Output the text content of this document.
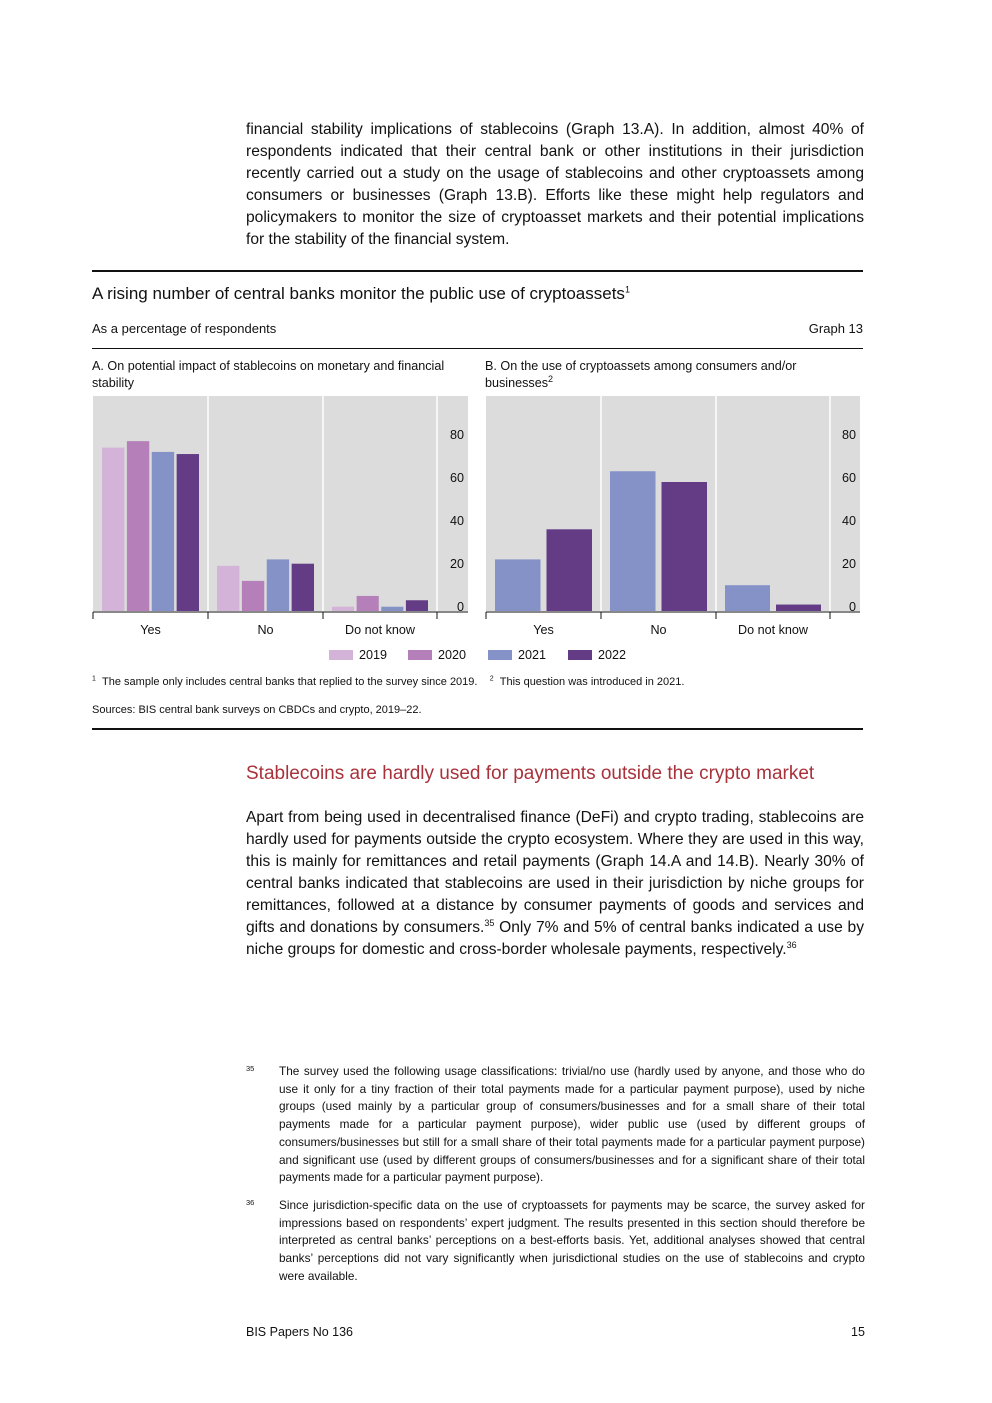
financial stability implications of stablecoins (Graph 13.A). In addition, almost 40% of respondents indicated that their central bank or other institutions in their jurisdiction recently carried out a study on the usage of stablecoins and other cryptoassets among consumers or businesses (Graph 13.B). Efforts like these might help regulators and policymakers to monitor the size of cryptoasset markets and their potential implications for the stability of the financial system.

A rising number of central banks monitor the public use of cryptoassets$^1$
As a percentage of respondents	Graph 13
A. On potential impact of stablecoins on monetary and financial stability
B. On the use of cryptoassets among consumers and/or businesses$^2$
80
60
40
20
0
Yes	No	Do not know
80
60
40
20
0
Yes	No	Do not know
2019	2020	2021	2022
$^1$ The sample only includes central banks that replied to the survey since 2019. $^2$ This question was introduced in 2021.
Sources: BIS central bank surveys on CBDCs and crypto, 2019–22.
Stablecoins are hardly used for payments outside the crypto market

Apart from being used in decentralised finance (DeFi) and crypto trading, stablecoins are hardly used for payments outside the crypto ecosystem. Where they are used in this way, this is mainly for remittances and retail payments (Graph 14.A and 14.B). Nearly 30% of central banks indicated that stablecoins are used in their jurisdiction by niche groups for remittances, followed at a distance by consumer payments of goods and services and gifts and donations by consumers.$^{35}$ Only 7% and 5% of central banks indicated a use by niche groups for domestic and cross-border wholesale payments, respectively.$^{36}$

35 The survey used the following usage classifications: trivial/no use (hardly used by anyone, and those who do use it only for a tiny fraction of their total payments made for a particular payment purpose), used by niche groups (used mainly by a particular group of consumers/businesses and for a small share of their total payments made for a particular payment purpose), wider public use (used by different groups of consumers/businesses but still for a small share of their total payments made for a particular payment purpose) and significant use (used by different groups of consumers/businesses and for a significant share of their total payments made for a particular payment purpose).
36 Since jurisdiction-specific data on the use of cryptoassets for payments may be scarce, the survey asked for impressions based on respondents’ expert judgment. The results presented in this section should therefore be interpreted as central banks’ perceptions on a best-efforts basis. Yet, additional analyses showed that central banks’ perceptions did not vary significantly when jurisdictional studies on the use of stablecoins and crypto were available.
BIS Papers No 136	15
